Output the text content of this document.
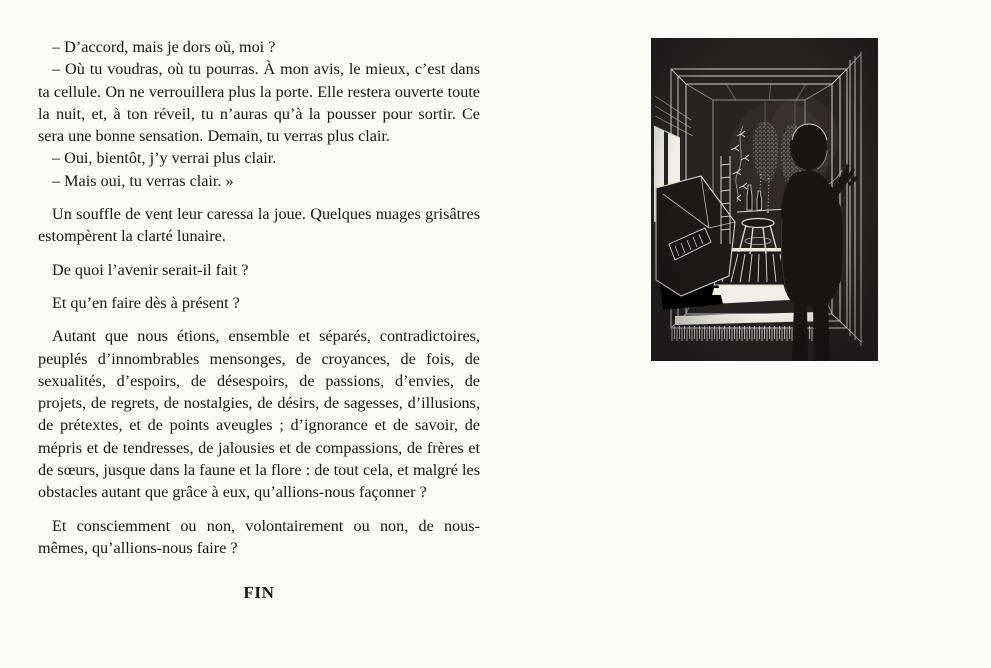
– D’accord, mais je dors où, moi ?

– Où tu voudras, où tu pourras. À mon avis, le mieux, c’est dans ta cellule. On ne verrouillera plus la porte. Elle restera ouverte toute la nuit, et, à ton réveil, tu n’auras qu’à la pousser pour sortir. Ce sera une bonne sensation. Demain, tu verras plus clair.

– Oui, bientôt, j’y verrai plus clair.

– Mais oui, tu verras clair. »

Un souffle de vent leur caressa la joue. Quelques nuages grisâtres estompèrent la clarté lunaire.

De quoi l’avenir serait-il fait ?

Et qu’en faire dès à présent ?

Autant que nous étions, ensemble et séparés, contradictoires, peuplés d’innombrables mensonges, de croyances, de fois, de sexualités, d’espoirs, de désespoirs, de passions, d’envies, de projets, de regrets, de nostalgies, de désirs, de sagesses, d’illusions, de prétextes, et de points aveugles ; d’ignorance et de savoir, de mépris et de tendresses, de jalousies et de compassions, de frères et de sœurs, jusque dans la faune et la flore : de tout cela, et malgré les obstacles autant que grâce à eux, qu’allions-nous façonner ?

Et consciemment ou non, volontairement ou non, de nous-mêmes, qu’allions-nous faire ?

FIN
